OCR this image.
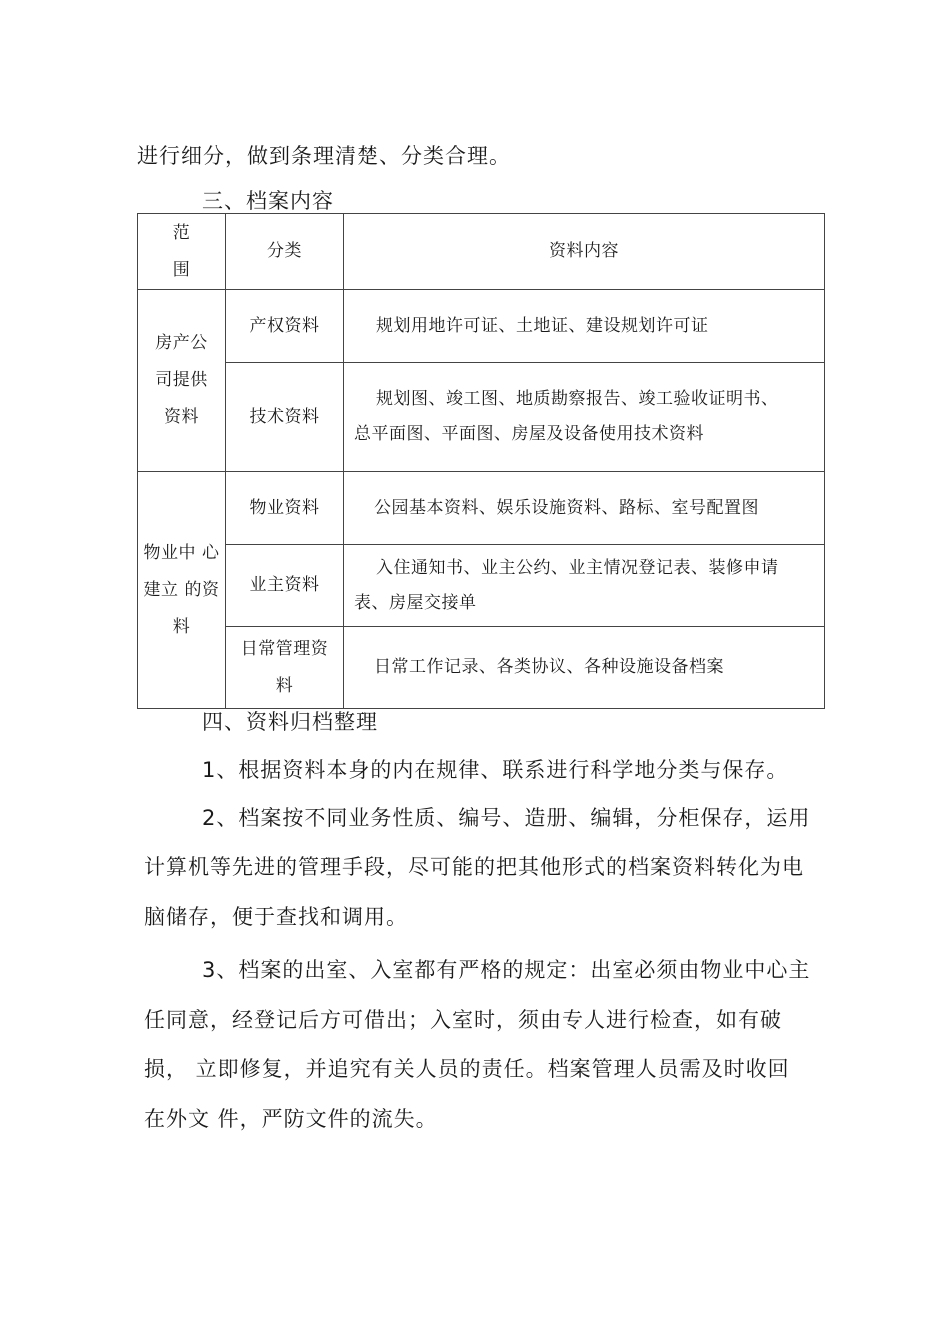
进行细分，做到条理清楚、分类合理。
三、档案内容
范
围	分类	资料内容

房产公
司提供
资料	产权资料	规划用地许可证、土地证、建设规划许可证
	技术资料	规划图、竣工图、地质勘察报告、竣工验收证明书、
总平面图、平面图、房屋及设备使用技术资料

物业中 心
建立 的资
料	物业资料	公园基本资料、娱乐设施资料、路标、室号配置图
	业主资料	入住通知书、业主公约、业主情况登记表、装修申请
表、房屋交接单

	日常管理资
料	日常工作记录、各类协议、各种设施设备档案
四、资料归档整理
1、根据资料本身的内在规律、联系进行科学地分类与保存。
2、档案按不同业务性质、编号、造册、编辑，分柜保存，运用
计算机等先进的管理手段，尽可能的把其他形式的档案资料转化为电
脑储存，便于查找和调用。
3、档案的出室、入室都有严格的规定：出室必须由物业中心主
任同意，经登记后方可借出；入室时，须由专人进行检查，如有破
损， 立即修复，并追究有关人员的责任。档案管理人员需及时收回
在外文 件，严防文件的流失。
